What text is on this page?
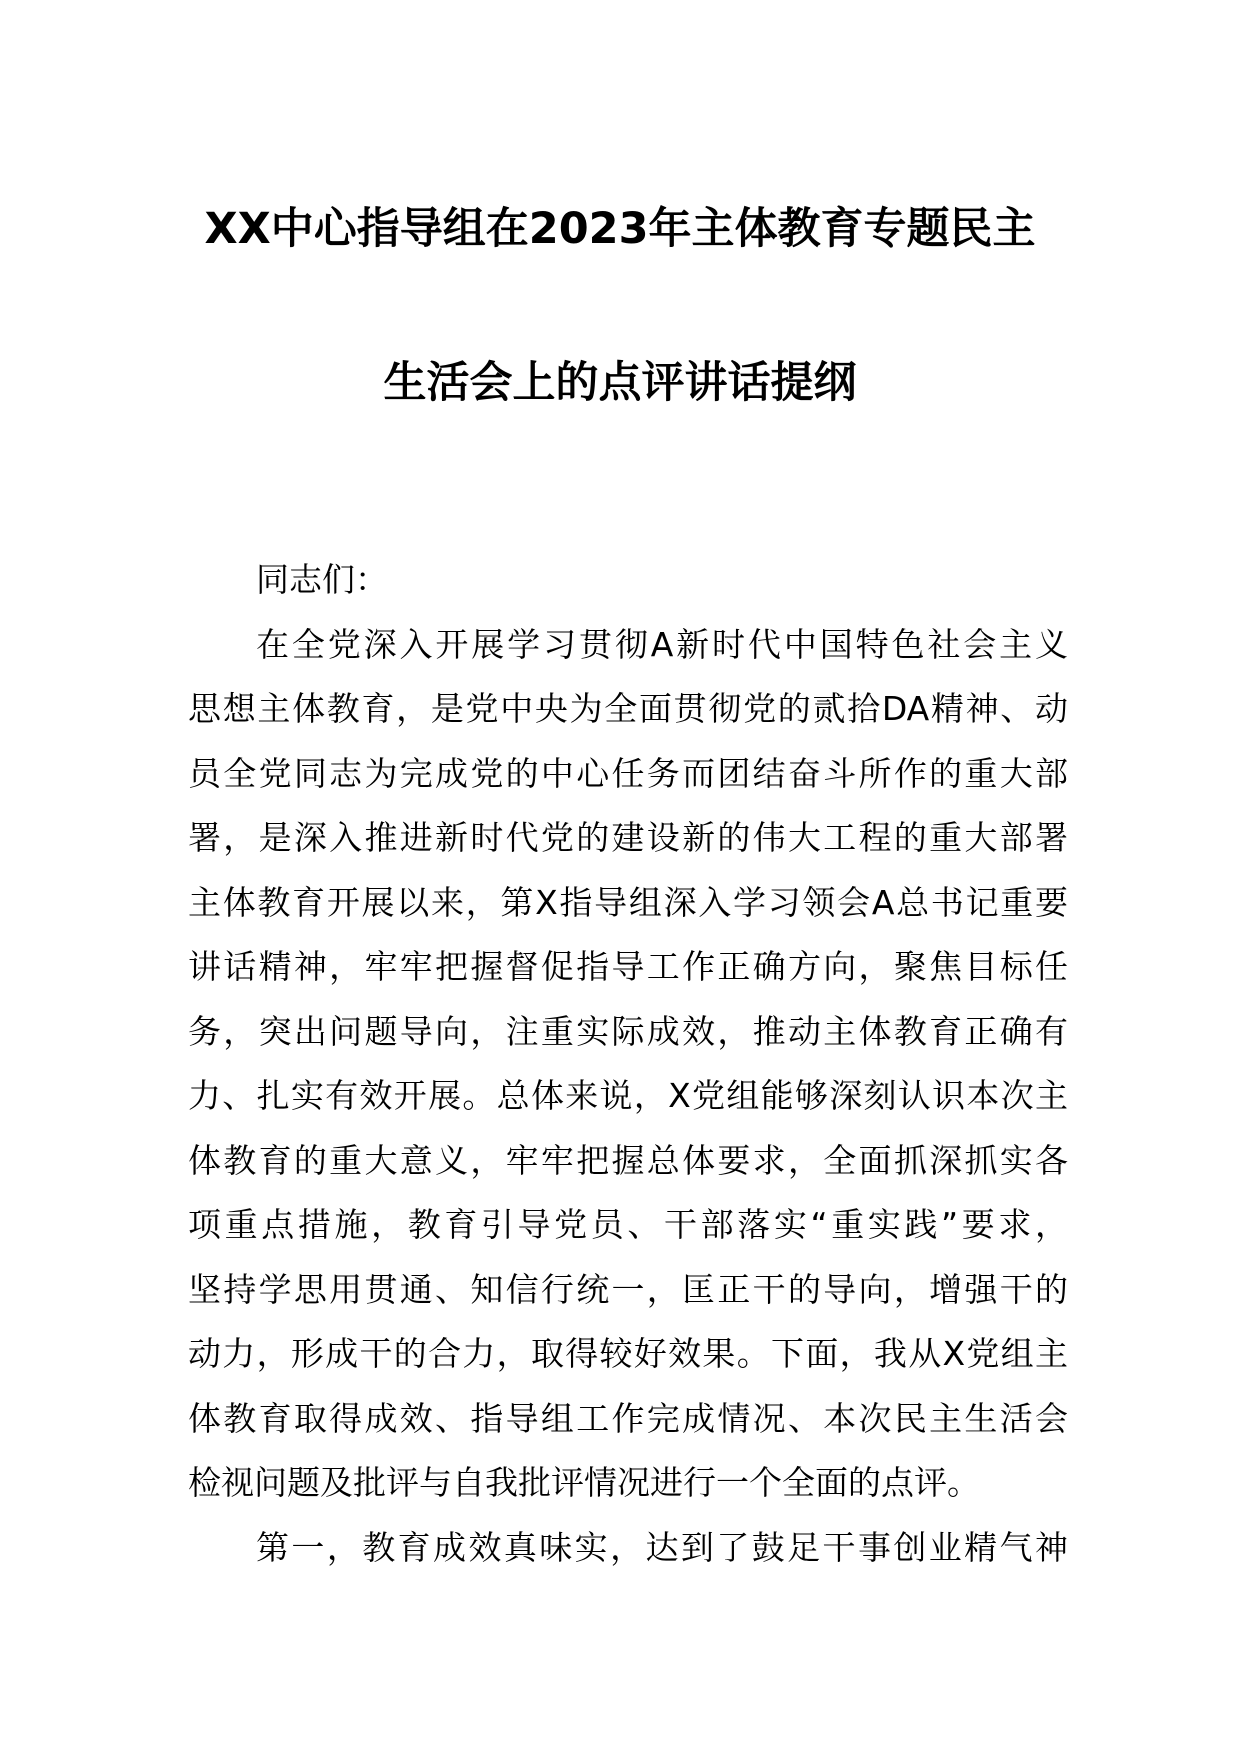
XX中心指导组在2023年主体教育专题民主
生活会上的点评讲话提纲
同志们：
在全党深入开展学习贯彻A新时代中国特色社会主义
思想主体教育，是党中央为全面贯彻党的贰拾DA精神、动
员全党同志为完成党的中心任务而团结奋斗所作的重大部
署，是深入推进新时代党的建设新的伟大工程的重大部署
主体教育开展以来，第X指导组深入学习领会A总书记重要
讲话精神，牢牢把握督促指导工作正确方向，聚焦目标任
务，突出问题导向，注重实际成效，推动主体教育正确有
力、扎实有效开展。总体来说，X党组能够深刻认识本次主
体教育的重大意义，牢牢把握总体要求，全面抓深抓实各
项重点措施，教育引导党员、干部落实“重实践”要求，
坚持学思用贯通、知信行统一，匡正干的导向，增强干的
动力，形成干的合力，取得较好效果。下面，我从X党组主
体教育取得成效、指导组工作完成情况、本次民主生活会
检视问题及批评与自我批评情况进行一个全面的点评。
第一，教育成效真味实，达到了鼓足干事创业精气神
